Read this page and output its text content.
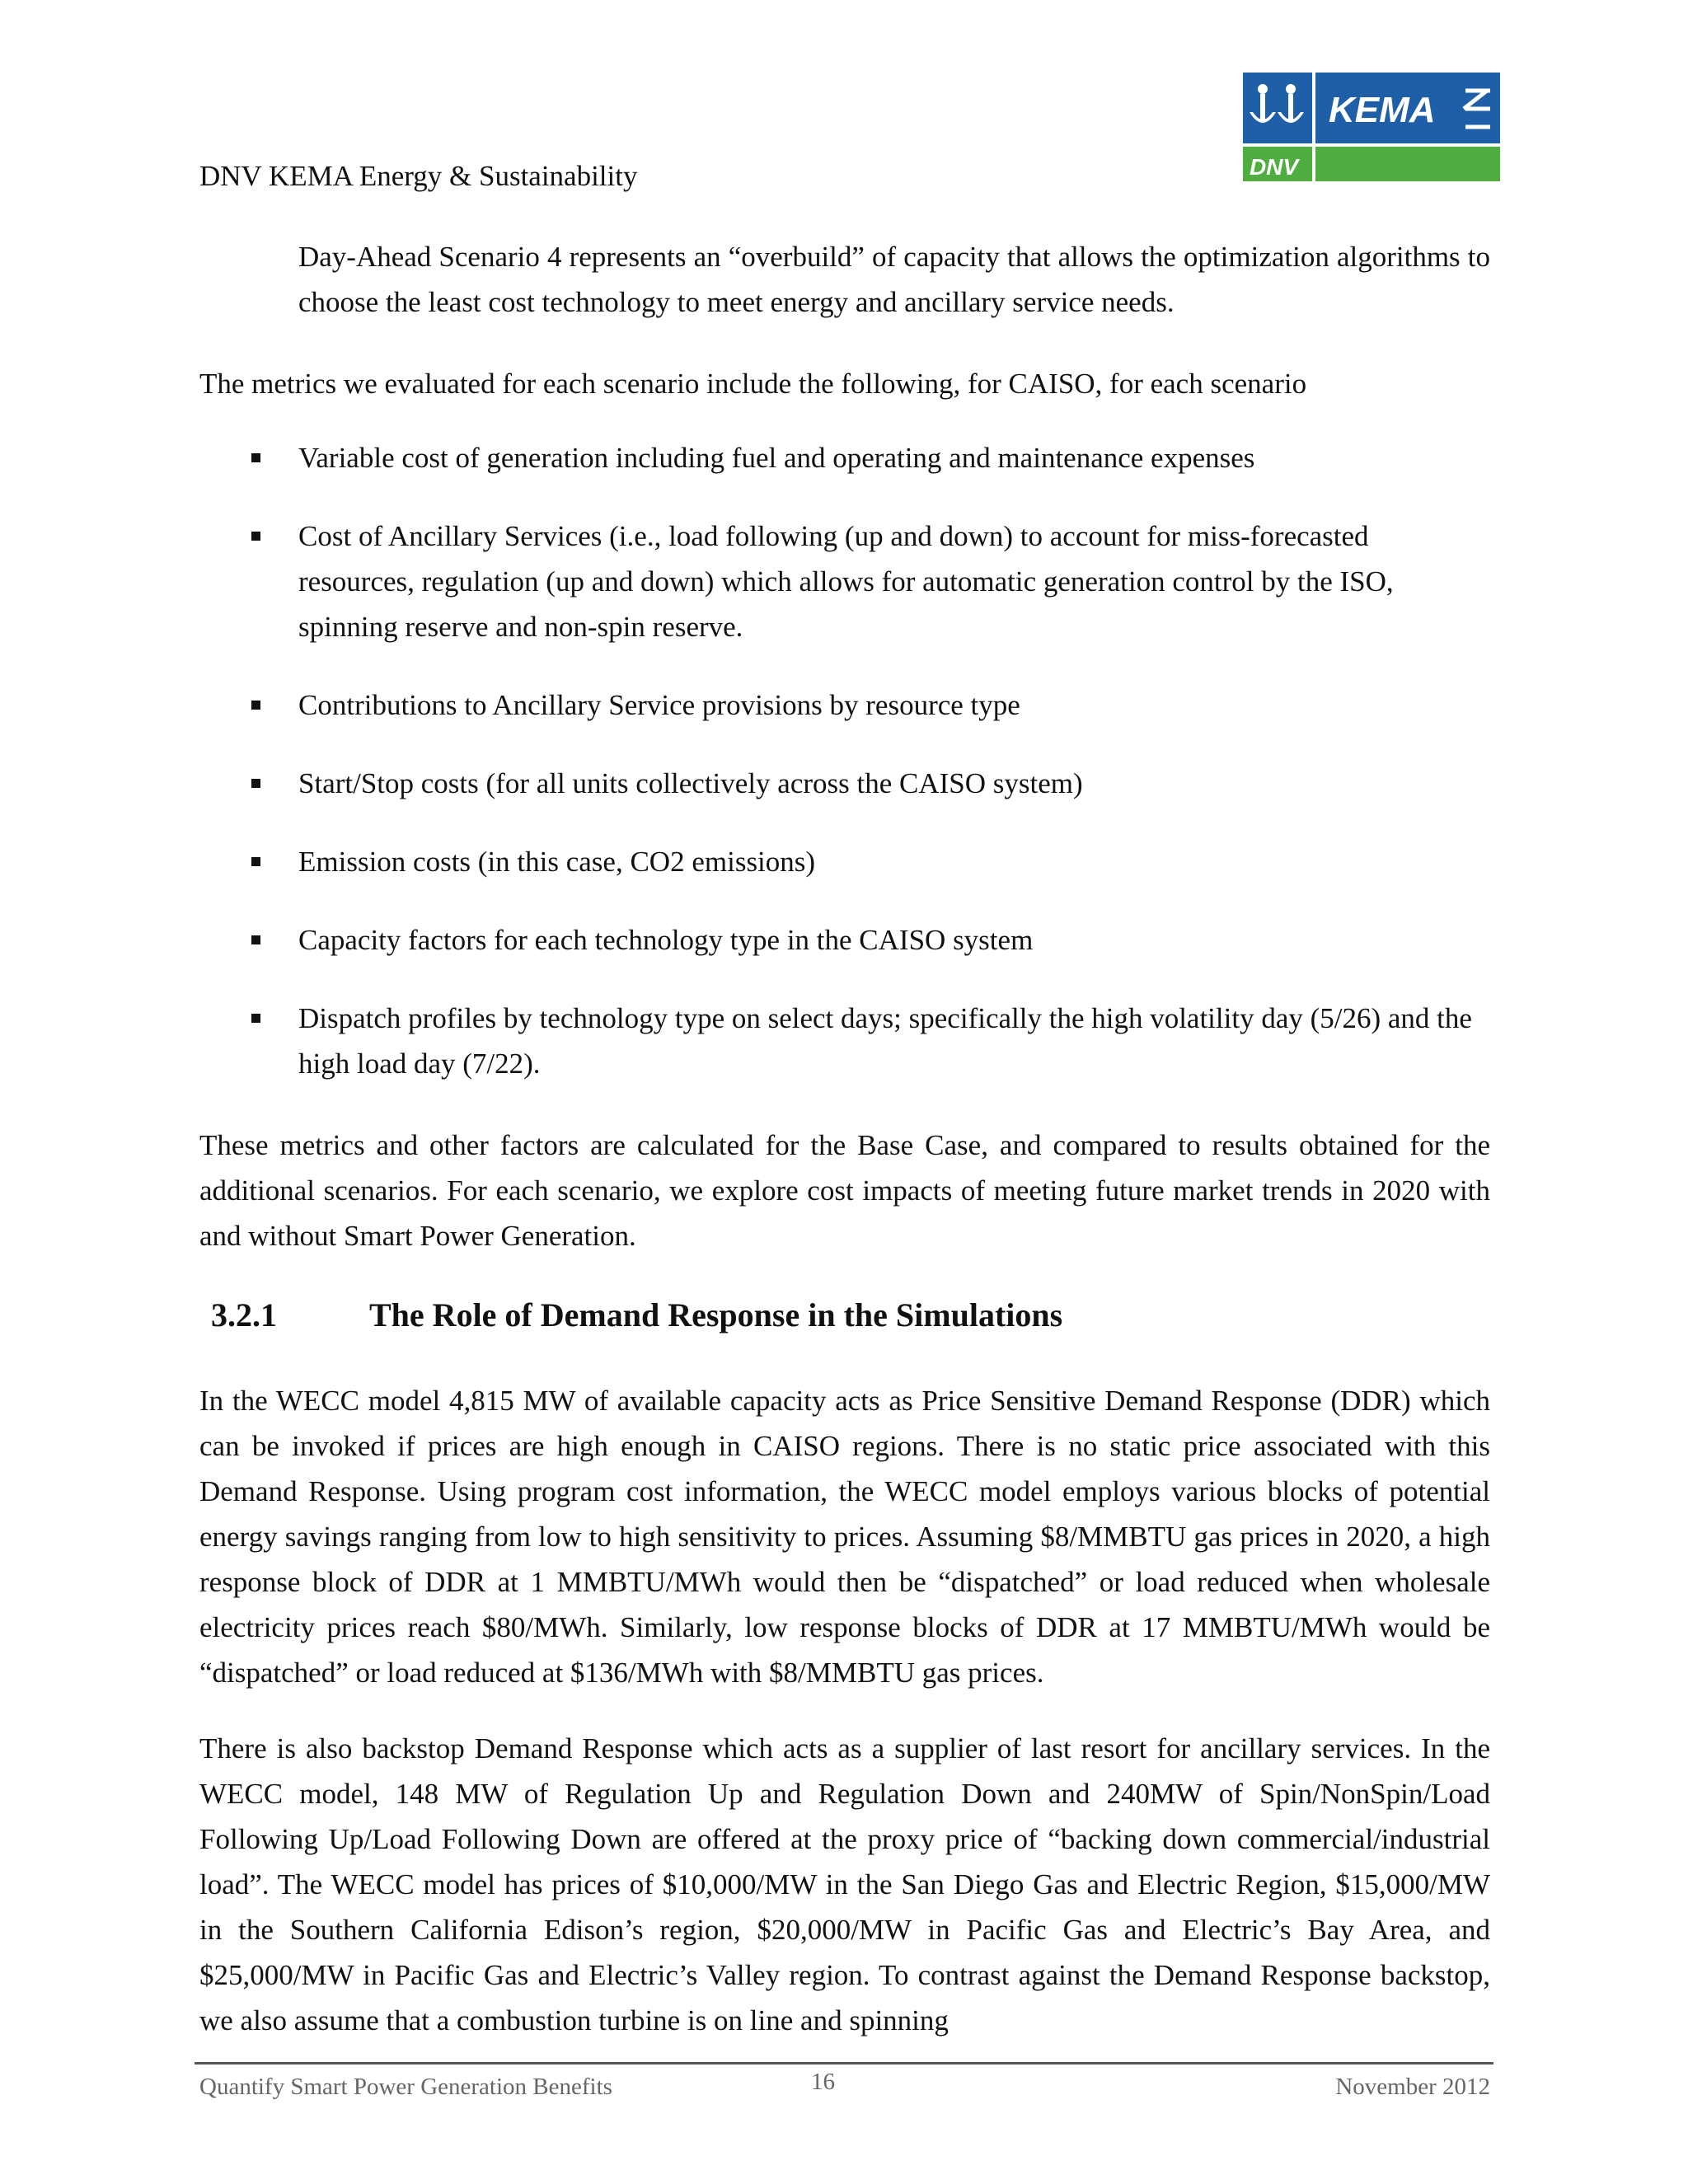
DNV KEMA Energy & Sustainability
KEMA
DNV
Day-Ahead Scenario 4 represents an “overbuild” of capacity that allows the optimization algorithms to choose the least cost technology to meet energy and ancillary service needs.
The metrics we evaluated for each scenario include the following, for CAISO, for each scenario
Variable cost of generation including fuel and operating and maintenance expenses
Cost of Ancillary Services (i.e., load following (up and down) to account for miss-forecasted resources, regulation (up and down) which allows for automatic generation control by the ISO, spinning reserve and non-spin reserve.
Contributions to Ancillary Service provisions by resource type
Start/Stop costs (for all units collectively across the CAISO system)
Emission costs (in this case, CO2 emissions)
Capacity factors for each technology type in the CAISO system
Dispatch profiles by technology type on select days; specifically the high volatility day (5/26) and the high load day (7/22).
These metrics and other factors are calculated for the Base Case, and compared to results obtained for the additional scenarios. For each scenario, we explore cost impacts of meeting future market trends in 2020 with and without Smart Power Generation.
3.2.1	The Role of Demand Response in the Simulations
In the WECC model 4,815 MW of available capacity acts as Price Sensitive Demand Response (DDR) which can be invoked if prices are high enough in CAISO regions. There is no static price associated with this Demand Response. Using program cost information, the WECC model employs various blocks of potential energy savings ranging from low to high sensitivity to prices. Assuming $8/MMBTU gas prices in 2020, a high response block of DDR at 1 MMBTU/MWh would then be “dispatched” or load reduced when wholesale electricity prices reach $80/MWh. Similarly, low response blocks of DDR at 17 MMBTU/MWh would be “dispatched” or load reduced at $136/MWh with $8/MMBTU gas prices.
There is also backstop Demand Response which acts as a supplier of last resort for ancillary services. In the WECC model, 148 MW of Regulation Up and Regulation Down and 240MW of Spin/NonSpin/Load Following Up/Load Following Down are offered at the proxy price of “backing down commercial/industrial load”. The WECC model has prices of $10,000/MW in the San Diego Gas and Electric Region, $15,000/MW in the Southern California Edison’s region, $20,000/MW in Pacific Gas and Electric’s Bay Area, and $25,000/MW in Pacific Gas and Electric’s Valley region. To contrast against the Demand Response backstop, we also assume that a combustion turbine is on line and spinning
Quantify Smart Power Generation Benefits	16	November 2012
